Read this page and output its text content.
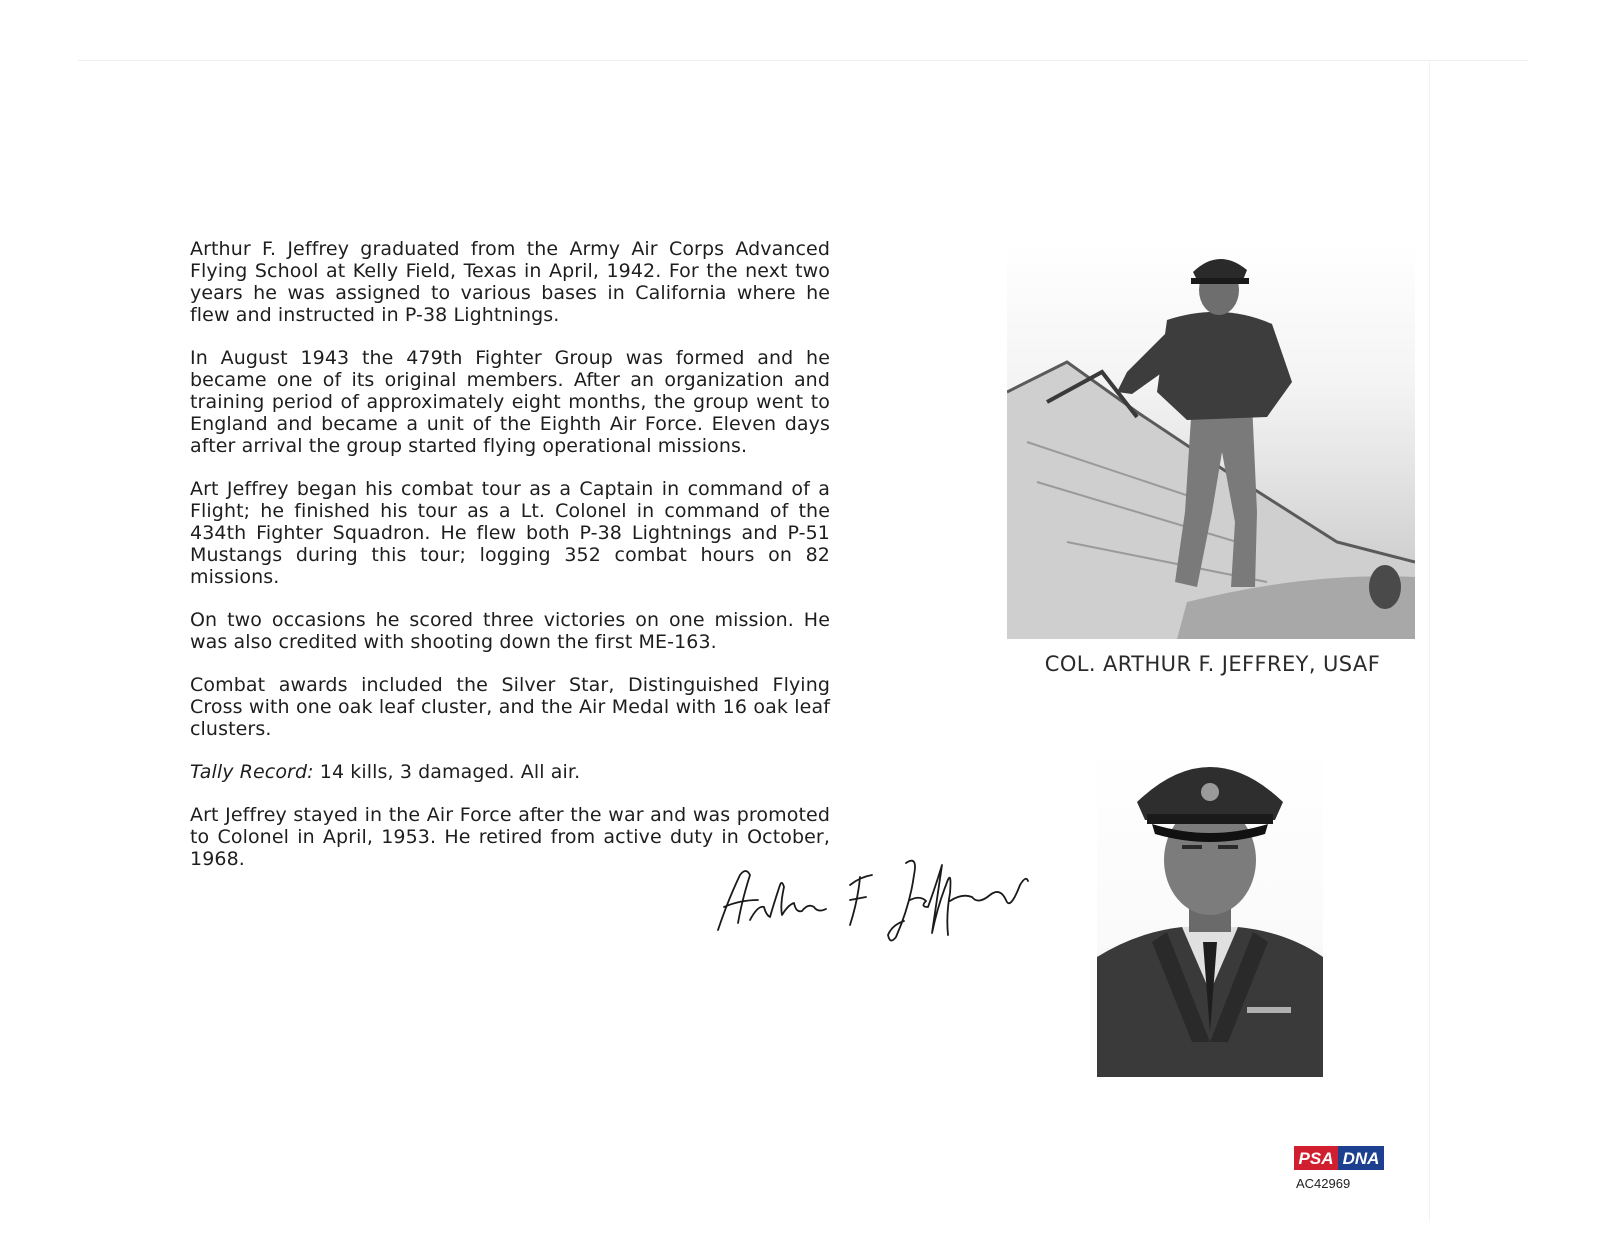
Arthur F. Jeffrey graduated from the Army Air Corps Advanced Flying School at Kelly Field, Texas in April, 1942. For the next two years he was assigned to various bases in California where he flew and instructed in P-38 Lightnings.

In August 1943 the 479th Fighter Group was formed and he became one of its original members. After an organization and training period of approximately eight months, the group went to England and became a unit of the Eighth Air Force. Eleven days after arrival the group started flying operational missions.

Art Jeffrey began his combat tour as a Captain in command of a Flight; he finished his tour as a Lt. Colonel in command of the 434th Fighter Squadron. He flew both P-38 Lightnings and P-51 Mustangs during this tour; logging 352 combat hours on 82 missions.

On two occasions he scored three victories on one mission. He was also credited with shooting down the first ME-163.

Combat awards included the Silver Star, Distinguished Flying Cross with one oak leaf cluster, and the Air Medal with 16 oak leaf clusters.

Tally Record: 14 kills, 3 damaged. All air.

Art Jeffrey stayed in the Air Force after the war and was promoted to Colonel in April, 1953. He retired from active duty in October, 1968.

COL. ARTHUR F. JEFFREY, USAF
PSA DNA
AC42969
